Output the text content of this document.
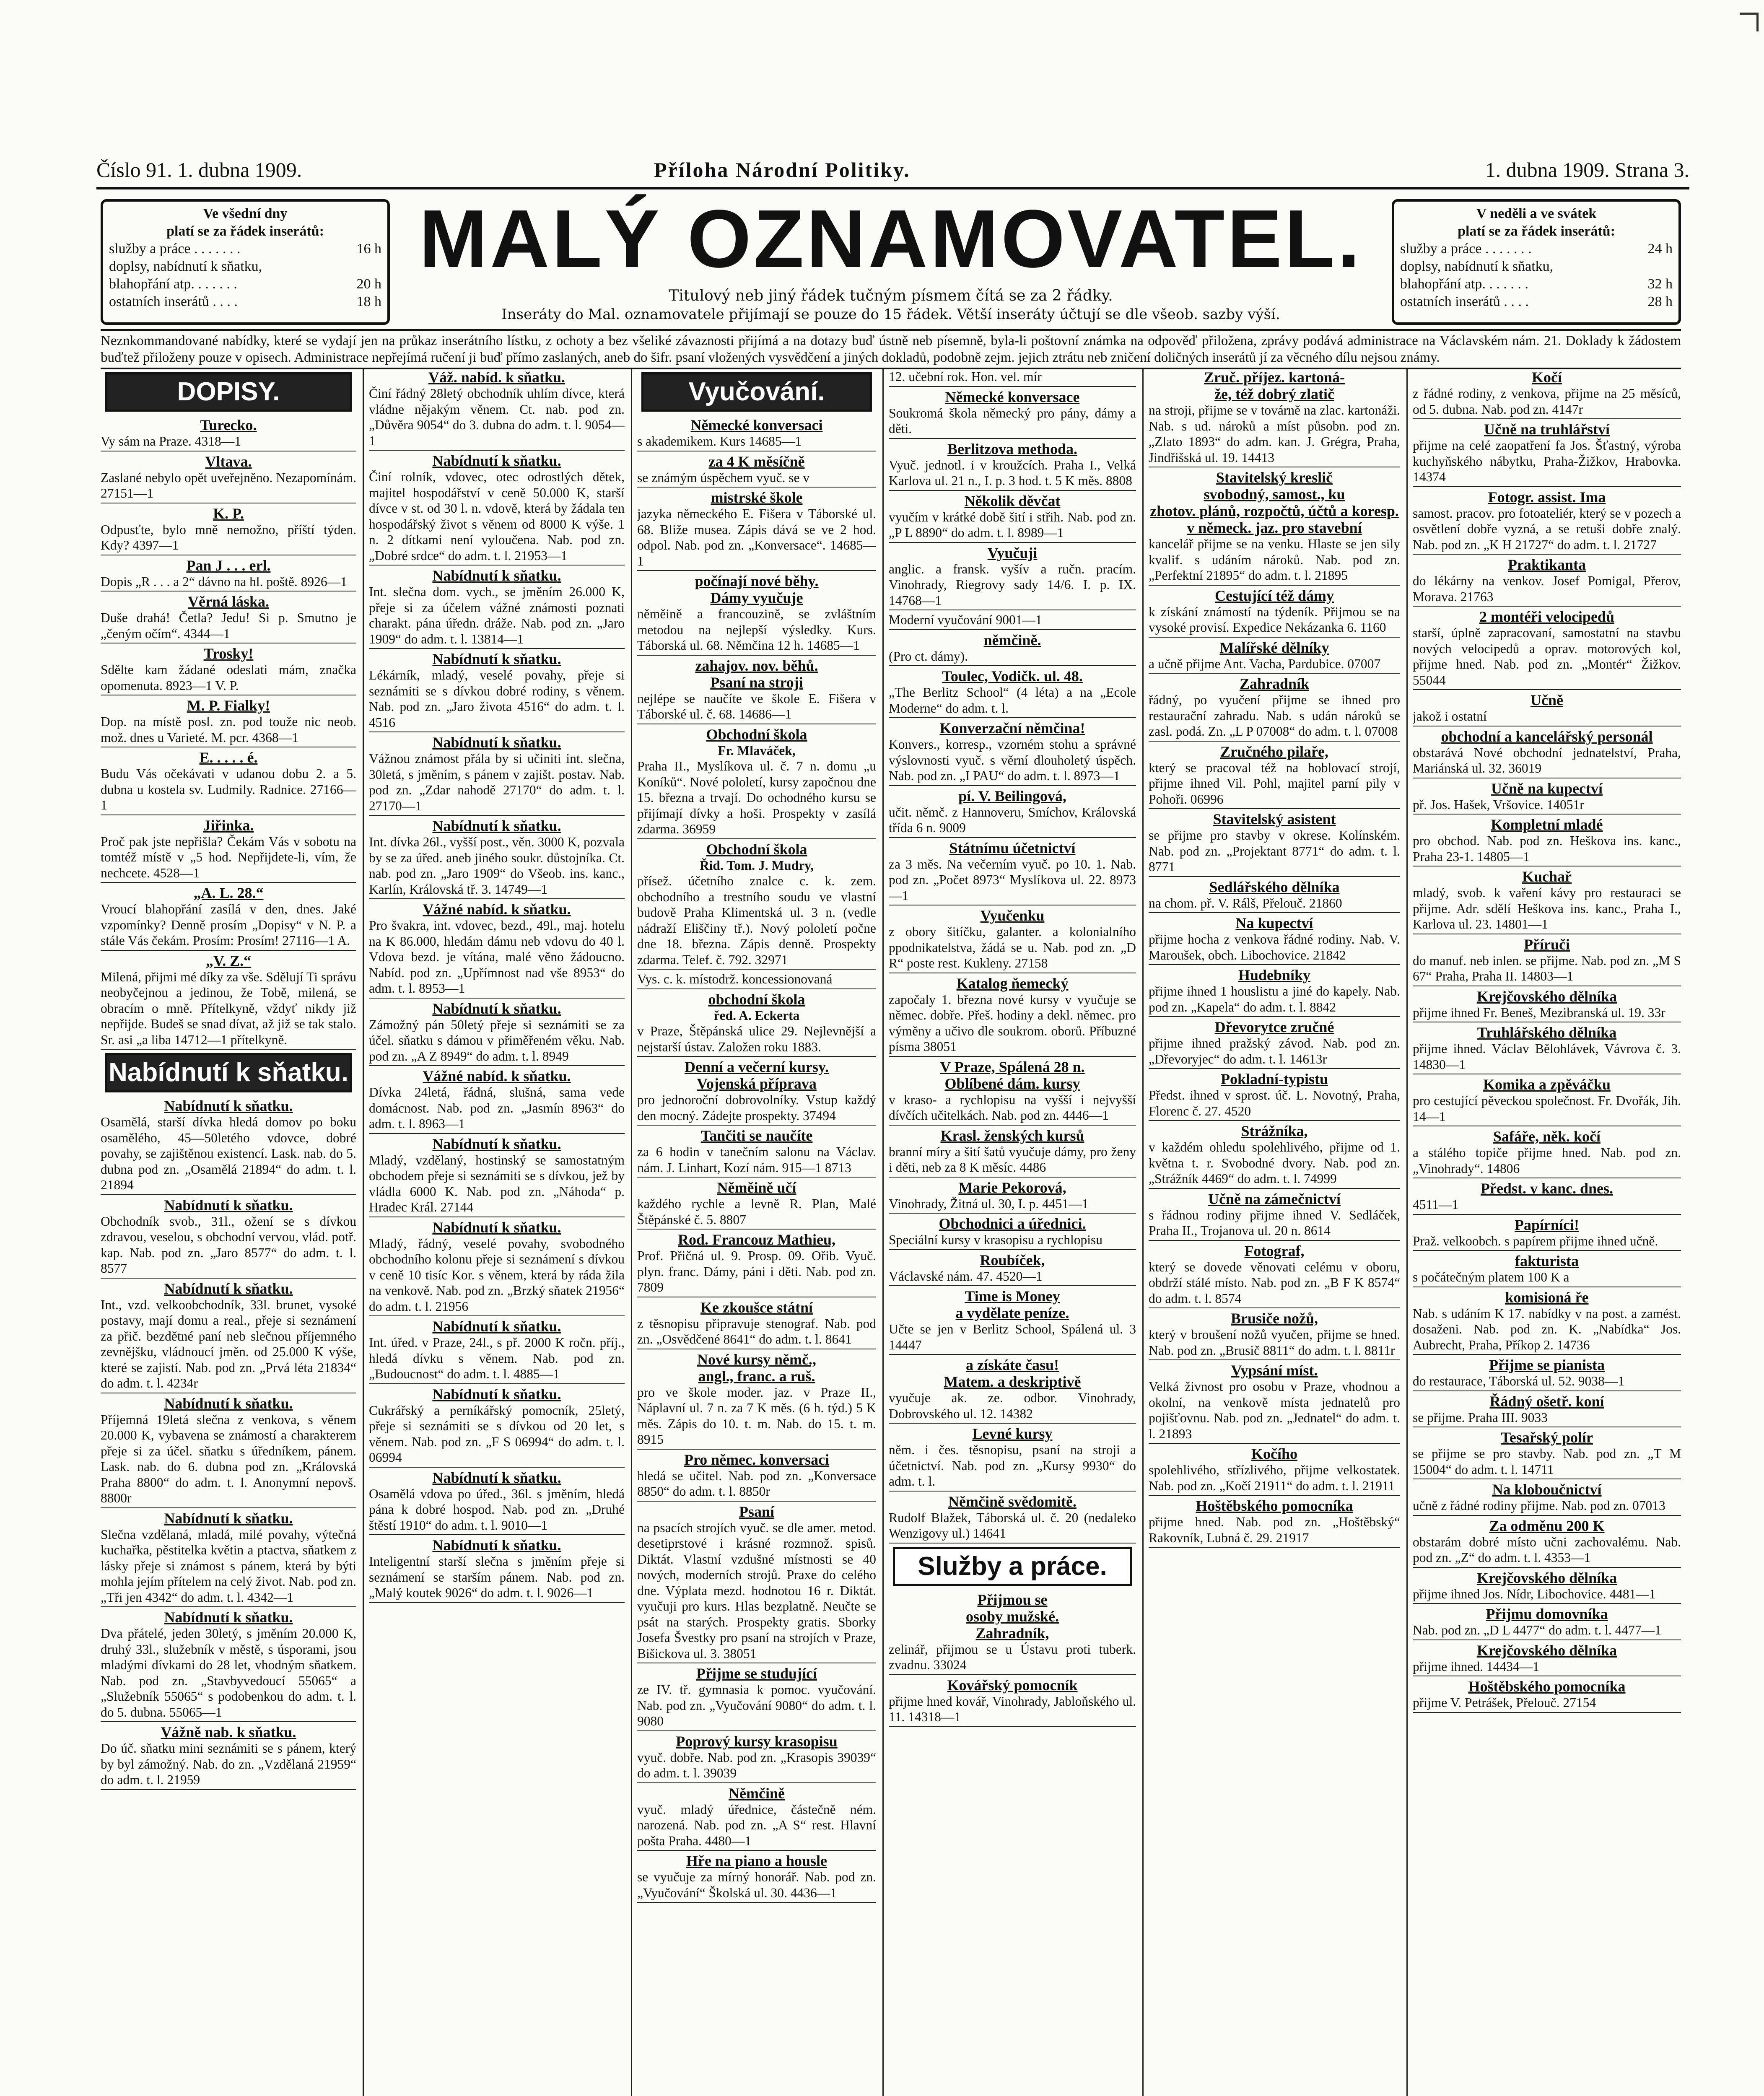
Číslo 91. 1. dubna 1909.	Příloha Národní Politiky.	1. dubna 1909. Strana 3.
Ve všední dny
platí se za řádek inserátů:
služby a práce . . . . . . .	16 h
doplsy, nabídnutí k sňatku,
blahopřání atp. . . . . . .	20 h
ostatních inserátů . . . .	18 h
MALÝ OZNAMOVATEL.
Titulový neb jiný řádek tučným písmem čítá se za 2 řádky.
Inseráty do Mal. oznamovatele přijímají se pouze do 15 řádek. Větší inseráty účtují se dle všeob. sazby výší.
V neděli a ve svátek
platí se za řádek inserátů:
služby a práce . . . . . . .	24 h
doplsy, nabídnutí k sňatku,
blahopřání atp. . . . . . .	32 h
ostatních inserátů . . . .	28 h
Neznkommandované nabídky, které se vydají jen na průkaz inserátního lístku, z ochoty a bez všeliké závaznosti přijímá a na dotazy buď ústně neb písemně, byla-li poštovní známka na odpověď přiložena, zprávy podává administrace na Václavském nám. 21. Doklady k žádostem buďtež přiloženy pouze v opisech. Administrace nepřejímá ručení ji buď přímo zaslaných, aneb do šifr. psaní vložených vysvědčení a jiných dokladů, podobně zejm. jejich ztrátu neb zničení doličných inserátů jí za věcného dílu nejsou známy.
DOPISY.
Turecko.

Vy sám na Praze. 4318—1

Vltava.

Zaslané nebylo opět uveřejněno. Nezapomínám. 27151—1

K. P.

Odpusťte, bylo mně nemožno, příští týden. Kdy? 4397—1

Pan J . . . erl.

Dopis „R . . . a 2“ dávno na hl. poště. 8926—1

Věrná láska.

Duše drahá! Četla? Jedu! Si p. Smutno je „čeným očím“. 4344—1

Trosky!

Sdělte kam žádané odeslati mám, značka opomenuta. 8923—1 V. P.

M. P. Fialky!

Dop. na místě posl. zn. pod touže nic neob. mož. dnes u Varieté. M. pcr. 4368—1

E. . . . . é.

Budu Vás očekávati v udanou dobu 2. a 5. dubna u kostela sv. Ludmily. Radnice. 27166—1

Jiřinka.

Proč pak jste nepřišla? Čekám Vás v sobotu na tomtéž místě v „5 hod. Nepřijdete-li, vím, že nechcete. 4528—1

„A. L. 28.“

Vroucí blahopřání zasílá v den, dnes. Jaké vzpomínky? Denně prosím „Dopisy“ v N. P. a stále Vás čekám. Prosím: Prosím! 27116—1 A.

„V. Z.“

Milená, přijmi mé díky za vše. Sdělují Ti správu neobyčejnou a jedinou, že Tobě, milená, se obracím o mně. Přítelkyně, vždyť nikdy již nepřijde. Budeš se snad dívat, až již se tak stalo. Sr. asi „a liba 14712—1 přítelkyně.

Nabídnutí k sňatku.
Nabídnutí k sňatku.

Osamělá, starší dívka hledá domov po boku osamělého, 45—50letého vdovce, dobré povahy, se zajištěnou existencí. Lask. nab. do 5. dubna pod zn. „Osamělá 21894“ do adm. t. l. 21894

Nabídnutí k sňatku.

Obchodník svob., 31l., ožení se s dívkou zdravou, veselou, s obchodní vervou, vlád. potř. kap. Nab. pod zn. „Jaro 8577“ do adm. t. l. 8577

Nabídnutí k sňatku.

Int., vzd. velkoobchodník, 33l. brunet, vysoké postavy, mají domu a real., přeje si seznámení za přič. bezdětné paní neb slečnou příjemného zevnějšku, vládnoucí jměn. od 25.000 K výše, které se zajistí. Nab. pod zn. „Prvá léta 21834“ do adm. t. l. 4234r

Nabídnutí k sňatku.

Příjemná 19letá slečna z venkova, s věnem 20.000 K, vybavena se známostí a charakterem přeje si za účel. sňatku s úředníkem, pánem. Lask. nab. do 6. dubna pod zn. „Královská Praha 8800“ do adm. t. l. Anonymní nepovš. 8800r

Nabídnutí k sňatku.

Slečna vzdělaná, mladá, milé povahy, výtečná kuchařka, pěstitelka květin a ptactva, sňatkem z lásky přeje si známost s pánem, která by býti mohla jejím přítelem na celý život. Nab. pod zn. „Tři jen 4342“ do adm. t. l. 4342—1

Nabídnutí k sňatku.

Dva přátelé, jeden 30letý, s jměním 20.000 K, druhý 33l., služebník v městě, s úsporami, jsou mladými dívkami do 28 let, vhodným sňatkem. Nab. pod zn. „Stavbyvedoucí 55065“ a „Služebník 55065“ s podobenkou do adm. t. l. do 5. dubna. 55065—1

Vážně nab. k sňatku.

Do úč. sňatku mini seznámiti se s pánem, který by byl zámožný. Nab. do zn. „Vzdělaná 21959“ do adm. t. l. 21959

Váž. nabíd. k sňatku.

Činí řádný 28letý obchodník uhlím dívce, která vládne nějakým věnem. Ct. nab. pod zn. „Důvěra 9054“ do 3. dubna do adm. t. l. 9054—1

Nabídnutí k sňatku.

Činí rolník, vdovec, otec odrostlých dětek, majitel hospodářství v ceně 50.000 K, starší dívce v st. od 30 l. n. vdově, která by žádala ten hospodářský život s věnem od 8000 K výše. 1 n. 2 dítkami není vyloučena. Nab. pod zn. „Dobré srdce“ do adm. t. l. 21953—1

Nabídnutí k sňatku.

Int. slečna dom. vych., se jměním 26.000 K, přeje si za účelem vážné známosti poznati charakt. pána úředn. dráže. Nab. pod zn. „Jaro 1909“ do adm. t. l. 13814—1

Nabídnutí k sňatku.

Lékárník, mladý, veselé povahy, přeje si seznámiti se s dívkou dobré rodiny, s věnem. Nab. pod zn. „Jaro života 4516“ do adm. t. l. 4516

Nabídnutí k sňatku.

Vážnou známost přála by si učiniti int. slečna, 30letá, s jměním, s pánem v zajišt. postav. Nab. pod zn. „Zdar nahodě 27170“ do adm. t. l. 27170—1

Nabídnutí k sňatku.

Int. dívka 26l., vyšší post., věn. 3000 K, pozvala by se za úřed. aneb jiného soukr. důstojníka. Ct. nab. pod zn. „Jaro 1909“ do Všeob. ins. kanc., Karlín, Královská tř. 3. 14749—1

Vážné nabíd. k sňatku.

Pro švakra, int. vdovec, bezd., 49l., maj. hotelu na K 86.000, hledám dámu neb vdovu do 40 l. Vdova bezd. je vítána, malé věno žádoucno. Nabíd. pod zn. „Upřímnost nad vše 8953“ do adm. t. l. 8953—1

Nabídnutí k sňatku.

Zámožný pán 50letý přeje si seznámiti se za účel. sňatku s dámou v přiměřeném věku. Nab. pod zn. „A Z 8949“ do adm. t. l. 8949

Vážné nabíd. k sňatku.

Dívka 24letá, řádná, slušná, sama vede domácnost. Nab. pod zn. „Jasmín 8963“ do adm. t. l. 8963—1

Nabídnutí k sňatku.

Mladý, vzdělaný, hostinský se samostatným obchodem přeje si seznámiti se s dívkou, jež by vládla 6000 K. Nab. pod zn. „Náhoda“ p. Hradec Král. 27144

Nabídnutí k sňatku.

Mladý, řádný, veselé povahy, svobodného obchodního kolonu přeje si seznámení s dívkou v ceně 10 tisíc Kor. s věnem, která by ráda žila na venkově. Nab. pod zn. „Brzký sňatek 21956“ do adm. t. l. 21956

Nabídnutí k sňatku.

Int. úřed. v Praze, 24l., s př. 2000 K ročn. příj., hledá dívku s věnem. Nab. pod zn. „Budoucnost“ do adm. t. l. 4885—1

Nabídnutí k sňatku.

Cukrářský a perníkářský pomocník, 25letý, přeje si seznámiti se s dívkou od 20 let, s věnem. Nab. pod zn. „F S 06994“ do adm. t. l. 06994

Nabídnutí k sňatku.

Osamělá vdova po úřed., 36l. s jměním, hledá pána k dobré hospod. Nab. pod zn. „Druhé štěstí 1910“ do adm. t. l. 9010—1

Nabídnutí k sňatku.

Inteligentní starší slečna s jměním přeje si seznámení se starším pánem. Nab. pod zn. „Malý koutek 9026“ do adm. t. l. 9026—1

Vyučování.
Německé konversaci

s akademikem. Kurs 14685—1

za 4 K měsíčně

se známým úspěchem vyuč. se v

mistrské škole

jazyka německého E. Fišera v Táborské ul. 68. Bliže musea. Zápis dává se ve 2 hod. odpol. Nab. pod zn. „Konversace“. 14685—1

počínají nové běhy.
Dámy vyučuje

něměině a francouzině, se zvláštním metodou na nejlepší výsledky. Kurs. Táborská ul. 68. Němčina 12 h. 14685—1

zahajov. nov. běhů.
Psaní na stroji

nejlépe se naučíte ve škole E. Fišera v Táborské ul. č. 68. 14686—1

Obchodní škola
Fr. Mlaváček,

Praha II., Myslíkova ul. č. 7 n. domu „u Koníků“. Nové pololetí, kursy započnou dne 15. března a trvají. Do ochodného kursu se přijímají dívky a hoši. Prospekty v zasílá zdarma. 36959

Obchodní škola
Řid. Tom. J. Mudry,

přísež. účetního znalce c. k. zem. obchodního a trestního soudu ve vlastní budově Praha Klimentská ul. 3 n. (vedle nádraží Eliščiny tř.). Nový pololetí počne dne 18. března. Zápis denně. Prospekty zdarma. Telef. č. 792. 32971

Vys. c. k. místodrž. koncessionovaná

obchodní škola
řed. A. Eckerta

v Praze, Štěpánská ulice 29. Nejlevnější a nejstarší ústav. Založen roku 1883.

Denní a večerní kursy.
Vojenská příprava

pro jednoroční dobrovolníky. Vstup každý den mocný. Zádejte prospekty. 37494

Tančiti se naučíte

za 6 hodin v tanečním salonu na Václav. nám. J. Linhart, Kozí nám. 915—1 8713

Něměině učí

každého rychle a levně R. Plan, Malé Štěpánské č. 5. 8807

Rod. Francouz Mathieu,

Prof. Přičná ul. 9. Prosp. 09. Ořib. Vyuč. plyn. franc. Dámy, páni i děti. Nab. pod zn. 7809

Ke zkoušce státní

z těsnopisu připravuje stenograf. Nab. pod zn. „Osvědčené 8641“ do adm. t. l. 8641

Nové kursy němč.,
angl., franc. a ruš.

pro ve škole moder. jaz. v Praze II., Náplavní ul. 7 n. za 7 K měs. (6 h. týd.) 5 K měs. Zápis do 10. t. m. Nab. do 15. t. m. 8915

Pro němec. konversaci

hledá se učitel. Nab. pod zn. „Konversace 8850“ do adm. t. l. 8850r

Psaní

na psacích strojích vyuč. se dle amer. metod. desetiprstové i krásné rozmnož. spisů. Diktát. Vlastní vzdušné místnosti se 40 nových, moderních strojů. Praxe do celého dne. Výplata mezd. hodnotou 16 r. Diktát. vyučuji pro kurs. Hlas bezplatně. Neučte se psát na starých. Prospekty gratis. Sborky Josefa Švestky pro psaní na strojích v Praze, Bišickova ul. 3. 38051

Přijme se studující

ze IV. tř. gymnasia k pomoc. vyučování. Nab. pod zn. „Vyučování 9080“ do adm. t. l. 9080

Poprový kursy krasopisu

vyuč. dobře. Nab. pod zn. „Krasopis 39039“ do adm. t. l. 39039

Němčině

vyuč. mladý úřednice, částečně ném. narozená. Nab. pod zn. „A S“ rest. Hlavní pošta Praha. 4480—1

Hře na piano a housle

se vyučuje za mírný honorář. Nab. pod zn. „Vyučování“ Školská ul. 30. 4436—1

12. učební rok. Hon. vel. mír

Německé konversace

Soukromá škola německý pro pány, dámy a děti.

Berlitzova methoda.

Vyuč. jednotl. i v kroužcích. Praha I., Velká Karlova ul. 21 n., I. p. 3 hod. t. 5 K měs. 8808

Několik děvčat

vyučím v krátké době šití i střih. Nab. pod zn. „P L 8890“ do adm. t. l. 8989—1

Vyučuji

anglic. a fransk. vyšív a ručn. pracím. Vinohrady, Riegrovy sady 14/6. I. p. IX. 14768—1

Moderní vyučování 9001—1

němčině.

(Pro ct. dámy).

Toulec, Vodičk. ul. 48.

„The Berlitz School“ (4 léta) a na „Ecole Moderne“ do adm. t. l.

Konverzační němčina!

Konvers., korresp., vzorném stohu a správné výslovnosti vyuč. s věrní dlouholetý úspěch. Nab. pod zn. „I PAU“ do adm. t. l. 8973—1

pí. V. Beilingová,

učit. němč. z Hannoveru, Smíchov, Královská třída 6 n. 9009

Státnímu účetnictví

za 3 měs. Na večerním vyuč. po 10. 1. Nab. pod zn. „Počet 8973“ Myslíkova ul. 22. 8973—1

Vyučenku

z obory šitíčku, galanter. a kolonialního ppodnikatelstva, žádá se u. Nab. pod zn. „D R“ poste rest. Kukleny. 27158

Katalog ňemecký

započaly 1. března nové kursy v vyučuje se němec. dobře. Přeš. hodiny a dekl. němec. pro výměny a učivo dle soukrom. oborů. Příbuzné písma 38051

V Praze, Spálená 28 n.
Oblíbené dám. kursy

v kraso- a rychlopisu na vyšší i nejvyšší dívčích učitelkách. Nab. pod zn. 4446—1

Krasl. ženských kursů

branní míry a šití šatů vyučuje dámy, pro ženy i děti, neb za 8 K měsíc. 4486

Marie Pekorová,

Vinohrady, Žitná ul. 30, I. p. 4451—1

Obchodnici a úřednici.

Speciální kursy v krasopisu a rychlopisu

Roubíček,

Václavské nám. 47. 4520—1

Time is Money
a vydělate peníze.

Učte se jen v Berlitz School, Spálená ul. 3 14447

a získáte času!
Matem. a deskriptivě

vyučuje ak. ze. odbor. Vinohrady, Dobrovského ul. 12. 14382

Levné kursy

něm. i čes. těsnopisu, psaní na stroji a účetnictví. Nab. pod zn. „Kursy 9930“ do adm. t. l.

Němčině svědomitě.

Rudolf Blažek, Táborská ul. č. 20 (nedaleko Wenzigovy ul.) 14641

Služby a práce.
Přijmou se
osoby mužské.
Zahradník,

zelinář, přijmou se u Ústavu proti tuberk. zvadnu. 33024

Kovářský pomocník

přijme hned kovář, Vinohrady, Jabloňského ul. 11. 14318—1

Zruč. příjez. kartoná-
že, též dobrý zlatič

na stroji, přijme se v továrně na zlac. kartonáži. Nab. s ud. nároků a míst působn. pod zn. „Zlato 1893“ do adm. kan. J. Grégra, Praha, Jindřišská ul. 19. 14413

Stavitelský kreslič
svobodný, samost., ku
zhotov. plánů, rozpočtů, účtů a koresp. v německ. jaz. pro stavební

kancelář přijme se na venku. Hlaste se jen sily kvalif. s udáním nároků. Nab. pod zn. „Perfektní 21895“ do adm. t. l. 21895

Cestující též dámy

k získání známostí na týdeník. Přijmou se na vysoké provisí. Expedice Nekázanka 6. 1160

Malířské dělníky

a učně přijme Ant. Vacha, Pardubice. 07007

Zahradník

řádný, po vyučení přijme se ihned pro restaurační zahradu. Nab. s udán nároků se zasl. podá. Zn. „L P 07008“ do adm. t. l. 07008

Zručného pilaře,

který se pracoval též na hoblovací strojí, přijme ihned Vil. Pohl, majitel parní pily v Pohoři. 06996

Stavitelský asistent

se přijme pro stavby v okrese. Kolínském. Nab. pod zn. „Projektant 8771“ do adm. t. l. 8771

Sedlářského dělníka

na chom. př. V. Rálš, Přelouč. 21860

Na kupectví

přijme hocha z venkova řádné rodiny. Nab. V. Maroušek, obch. Libochovice. 21842

Hudebníky

přijme ihned 1 houslistu a jiné do kapely. Nab. pod zn. „Kapela“ do adm. t. l. 8842

Dřevorytce zručné

přijme ihned pražský závod. Nab. pod zn. „Dřevoryjec“ do adm. t. l. 14613r

Pokladní-typistu

Předst. ihned v sprost. úč. L. Novotný, Praha, Florenc č. 27. 4520

Strážníka,

v každém ohledu spolehlivého, přijme od 1. května t. r. Svobodné dvory. Nab. pod zn. „Strážník 4469“ do adm. t. l. 74999

Učně na zámečnictví

s řádnou rodiny přijme ihned V. Sedláček, Praha II., Trojanova ul. 20 n. 8614

Fotograf,

který se dovede věnovati celému v oboru, obdrží stálé místo. Nab. pod zn. „B F K 8574“ do adm. t. l. 8574

Brusiče nožů,

který v broušení nožů vyučen, přijme se hned. Nab. pod zn. „Brusič 8811“ do adm. t. l. 8811r

Vypsání míst.

Velká živnost pro osobu v Praze, vhodnou a okolní, na venkově místa jednatelů pro pojišťovnu. Nab. pod zn. „Jednatel“ do adm. t. l. 21893

Kočího

spolehlivého, střízlivého, přijme velkostatek. Nab. pod zn. „Kočí 21911“ do adm. t. l. 21911

Hoštěbského pomocníka

přijme hned. Nab. pod zn. „Hoštěbský“ Rakovník, Lubná č. 29. 21917

Kočí

z řádné rodiny, z venkova, přijme na 25 měsíců, od 5. dubna. Nab. pod zn. 4147r

Učně na truhlářství

přijme na celé zaopatření fa Jos. Šťastný, výroba kuchyňského nábytku, Praha-Žižkov, Hrabovka. 14374

Fotogr. assist. Ima

samost. pracov. pro fotoateliér, který se v pozech a osvětlení dobře vyzná, a se retuši dobře znalý. Nab. pod zn. „K H 21727“ do adm. t. l. 21727

Praktikanta

do lékárny na venkov. Josef Pomigal, Přerov, Morava. 21763

2 montéři velocipedů

starší, úplně zapracovaní, samostatní na stavbu nových velocipedů a oprav. motorových kol, přijme hned. Nab. pod zn. „Montér“ Žižkov. 55044

Učně

jakož i ostatní

obchodní a kancelářský personál

obstarává Nové obchodní jednatelství, Praha, Mariánská ul. 32. 36019

Učně na kupectví

př. Jos. Hašek, Vršovice. 14051r

Kompletní mladé

pro obchod. Nab. pod zn. Heškova ins. kanc., Praha 23-1. 14805—1

Kuchař

mladý, svob. k vaření kávy pro restauraci se přijme. Adr. sdělí Heškova ins. kanc., Praha I., Karlova ul. 23. 14801—1

Příruči

do manuf. neb inlen. se přijme. Nab. pod zn. „M S 67“ Praha, Praha II. 14803—1

Krejčovského dělníka

přijme ihned Fr. Beneš, Mezibranská ul. 19. 33r

Truhlářského dělníka

přijme ihned. Václav Bělohlávek, Vávrova č. 3. 14830—1

Komika a zpěváčku

pro cestující pěveckou společnost. Fr. Dvořák, Jih. 14—1

Safáře, něk. kočí

a stálého topiče přijme hned. Nab. pod zn. „Vinohrady“. 14806

Předst. v kanc. dnes.

4511—1

Papírníci!

Praž. velkoobch. s papírem přijme ihned učně.

fakturista

s počátečným platem 100 K a

komisioná ře

Nab. s udáním K 17. nabídky v na post. a zamést. dosaženi. Nab. pod zn. K. „Nabídka“ Jos. Aubrecht, Praha, Příkop 2. 14736

Přijme se pianista

do restaurace, Táborská ul. 52. 9038—1

Řádný ošetř. koní

se přijme. Praha III. 9033

Tesařský polír

se přijme se pro stavby. Nab. pod zn. „T M 15004“ do adm. t. l. 14711

Na kloboučnictví

učně z řádné rodiny přijme. Nab. pod zn. 07013

Za odměnu 200 K

obstarám dobré místo učni zachovalému. Nab. pod zn. „Z“ do adm. t. l. 4353—1

Krejčovského dělníka

přijme ihned Jos. Nídr, Libochovice. 4481—1

Přijmu domovníka

Nab. pod zn. „D L 4477“ do adm. t. l. 4477—1

Krejčovského dělníka

přijme ihned. 14434—1

Hoštěbského pomocníka

přijme V. Petrášek, Přelouč. 27154
